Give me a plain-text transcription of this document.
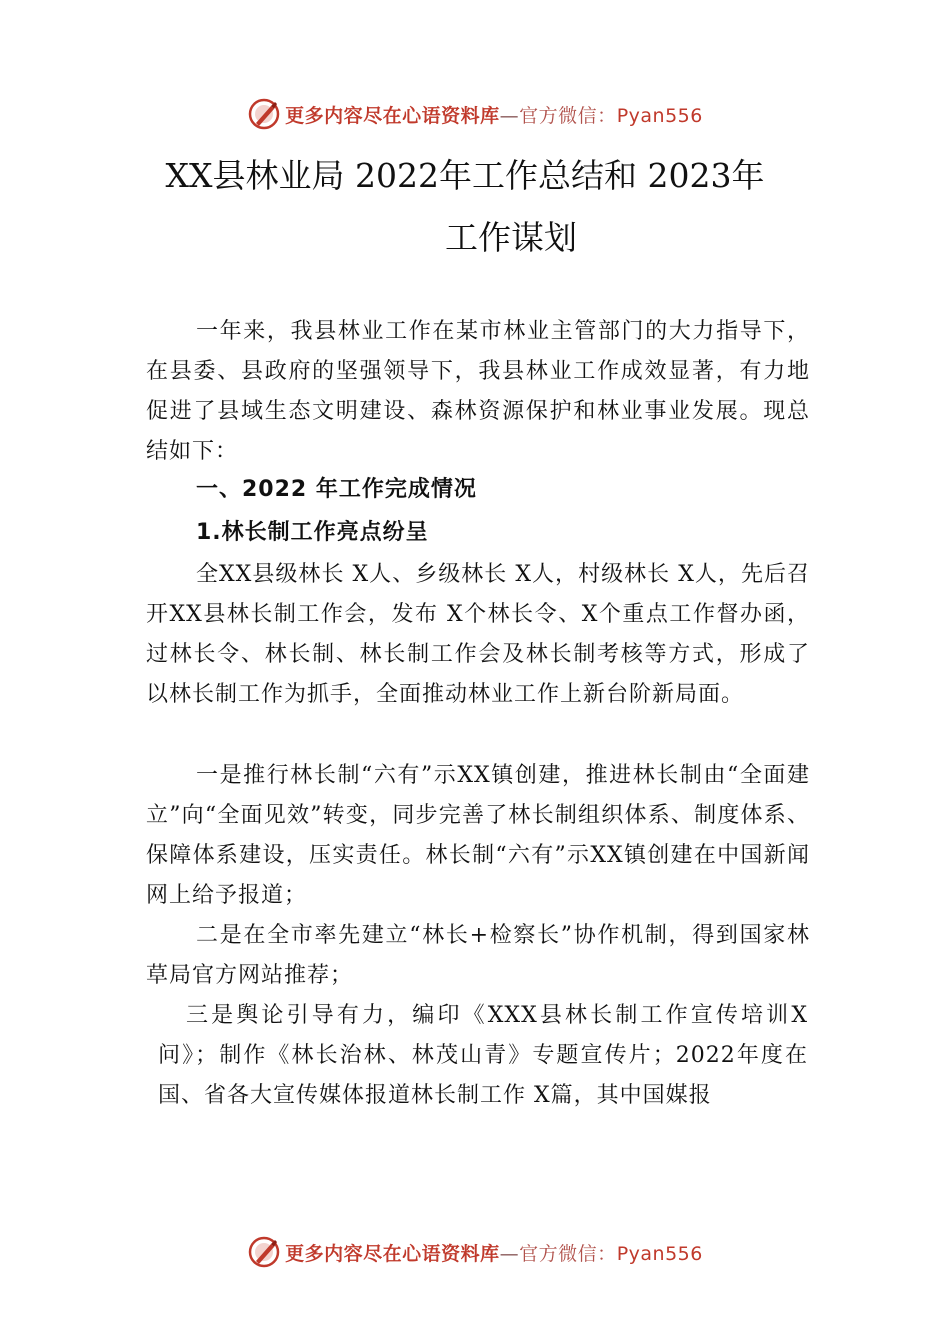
更多内容尽在心语资料库—官方微信：Pyan556
XX县林业局 2022年工作总结和 2023年
工作谋划

一年来，我县林业工作在某市林业主管部门的大力指导下，在县委、县政府的坚强领导下，我县林业工作成效显著，有力地促进了县域生态文明建设、森林资源保护和林业事业发展。现总结如下：

一、2022 年工作完成情况

1.林长制工作亮点纷呈

全XX县级林长 X人、乡级林长 X人，村级林长 X人，先后召开XX县林长制工作会，发布 X个林长令、X个重点工作督办函，过林长令、林长制、林长制工作会及林长制考核等方式，形成了以林长制工作为抓手，全面推动林业工作上新台阶新局面。

一是推行林长制“六有”示XX镇创建，推进林长制由“全面建立”向“全面见效”转变，同步完善了林长制组织体系、制度体系、保障体系建设，压实责任。林长制“六有”示XX镇创建在中国新闻网上给予报道；

二是在全市率先建立“林长+检察长”协作机制，得到国家林草局官方网站推荐；

三是舆论引导有力，编印《XXX县林长制工作宣传培训X问》；制作《林长治林、林茂山青》专题宣传片；2022年度在国、省各大宣传媒体报道林长制工作 X篇，其中国媒报

更多内容尽在心语资料库—官方微信：Pyan556
